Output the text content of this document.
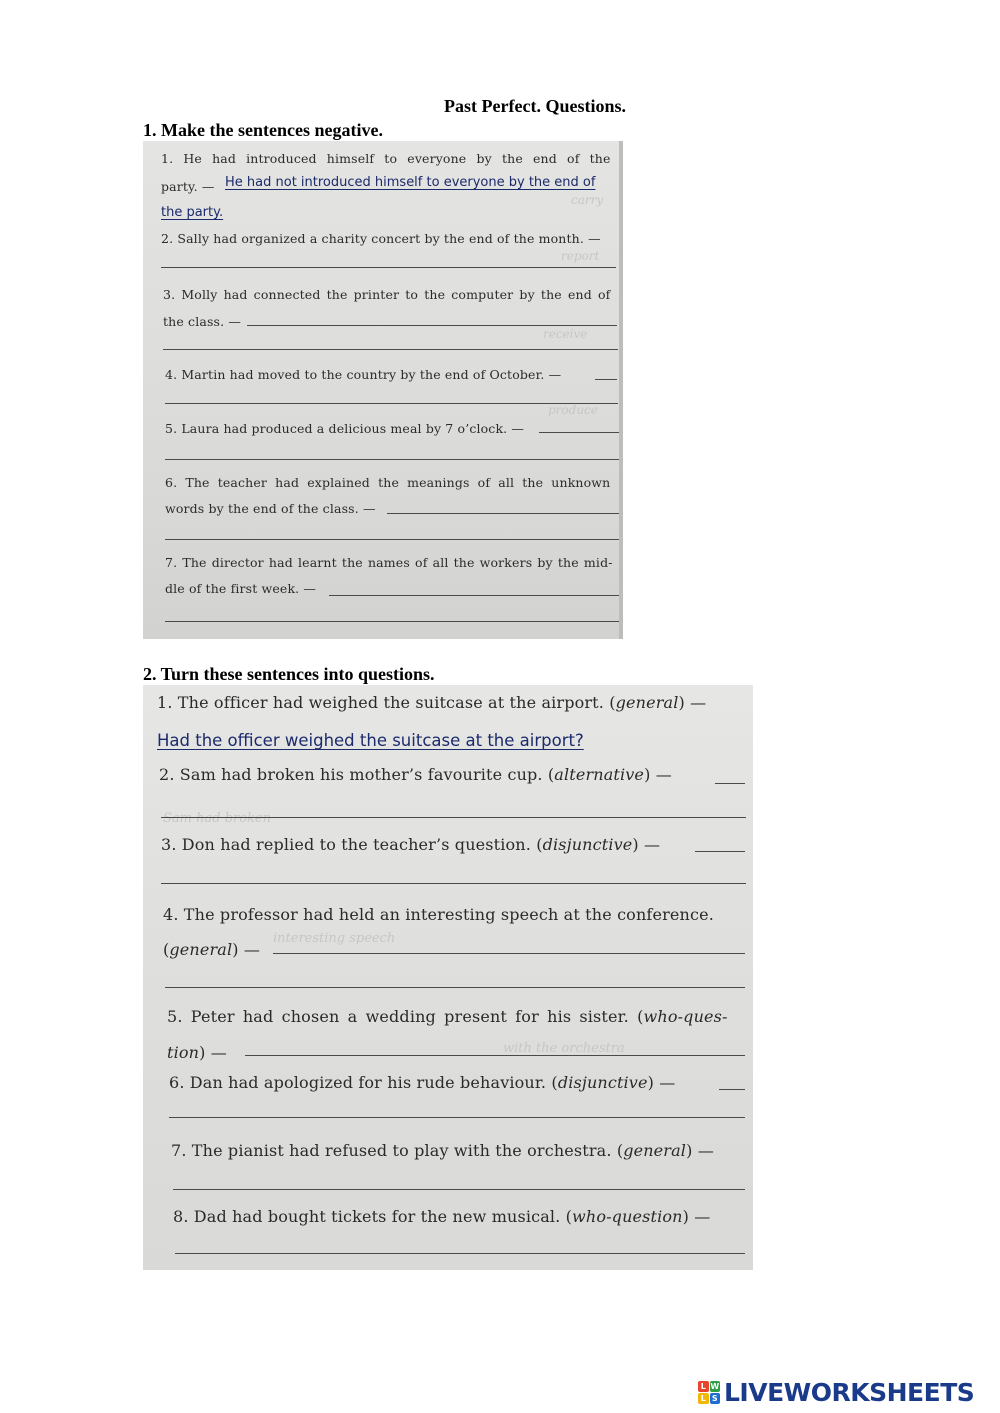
Past Perfect. Questions.
1. Make the sentences negative.
carry
report
receive
produce
1. He had introduced himself to everyone by the end of the
party. — He had not introduced himself to everyone by the end of
the party.
2. Sally had organized a charity concert by the end of the month. —
3. Molly had connected the printer to the computer by the end of
the class. —
4. Martin had moved to the country by the end of October. —
5. Laura had produced a delicious meal by 7 o’clock. —
6. The teacher had explained the meanings of all the unknown
words by the end of the class. —
7. The director had learnt the names of all the workers by the mid-
dle of the first week. —
2. Turn these sentences into questions.
Sam had broken
interesting speech
with the orchestra
1. The officer had weighed the suitcase at the airport. (general) —
Had the officer weighed the suitcase at the airport?
2. Sam had broken his mother’s favourite cup. (alternative) —
3. Don had replied to the teacher’s question. (disjunctive) —
4. The professor had held an interesting speech at the conference.
(general) —
5. Peter had chosen a wedding present for his sister. (who-ques-
tion) —
6. Dan had apologized for his rude behaviour. (disjunctive) —
7. The pianist had refused to play with the orchestra. (general) —
8. Dad had bought tickets for the new musical. (who-question) —
L W
L S LIVEWORKSHEETS
